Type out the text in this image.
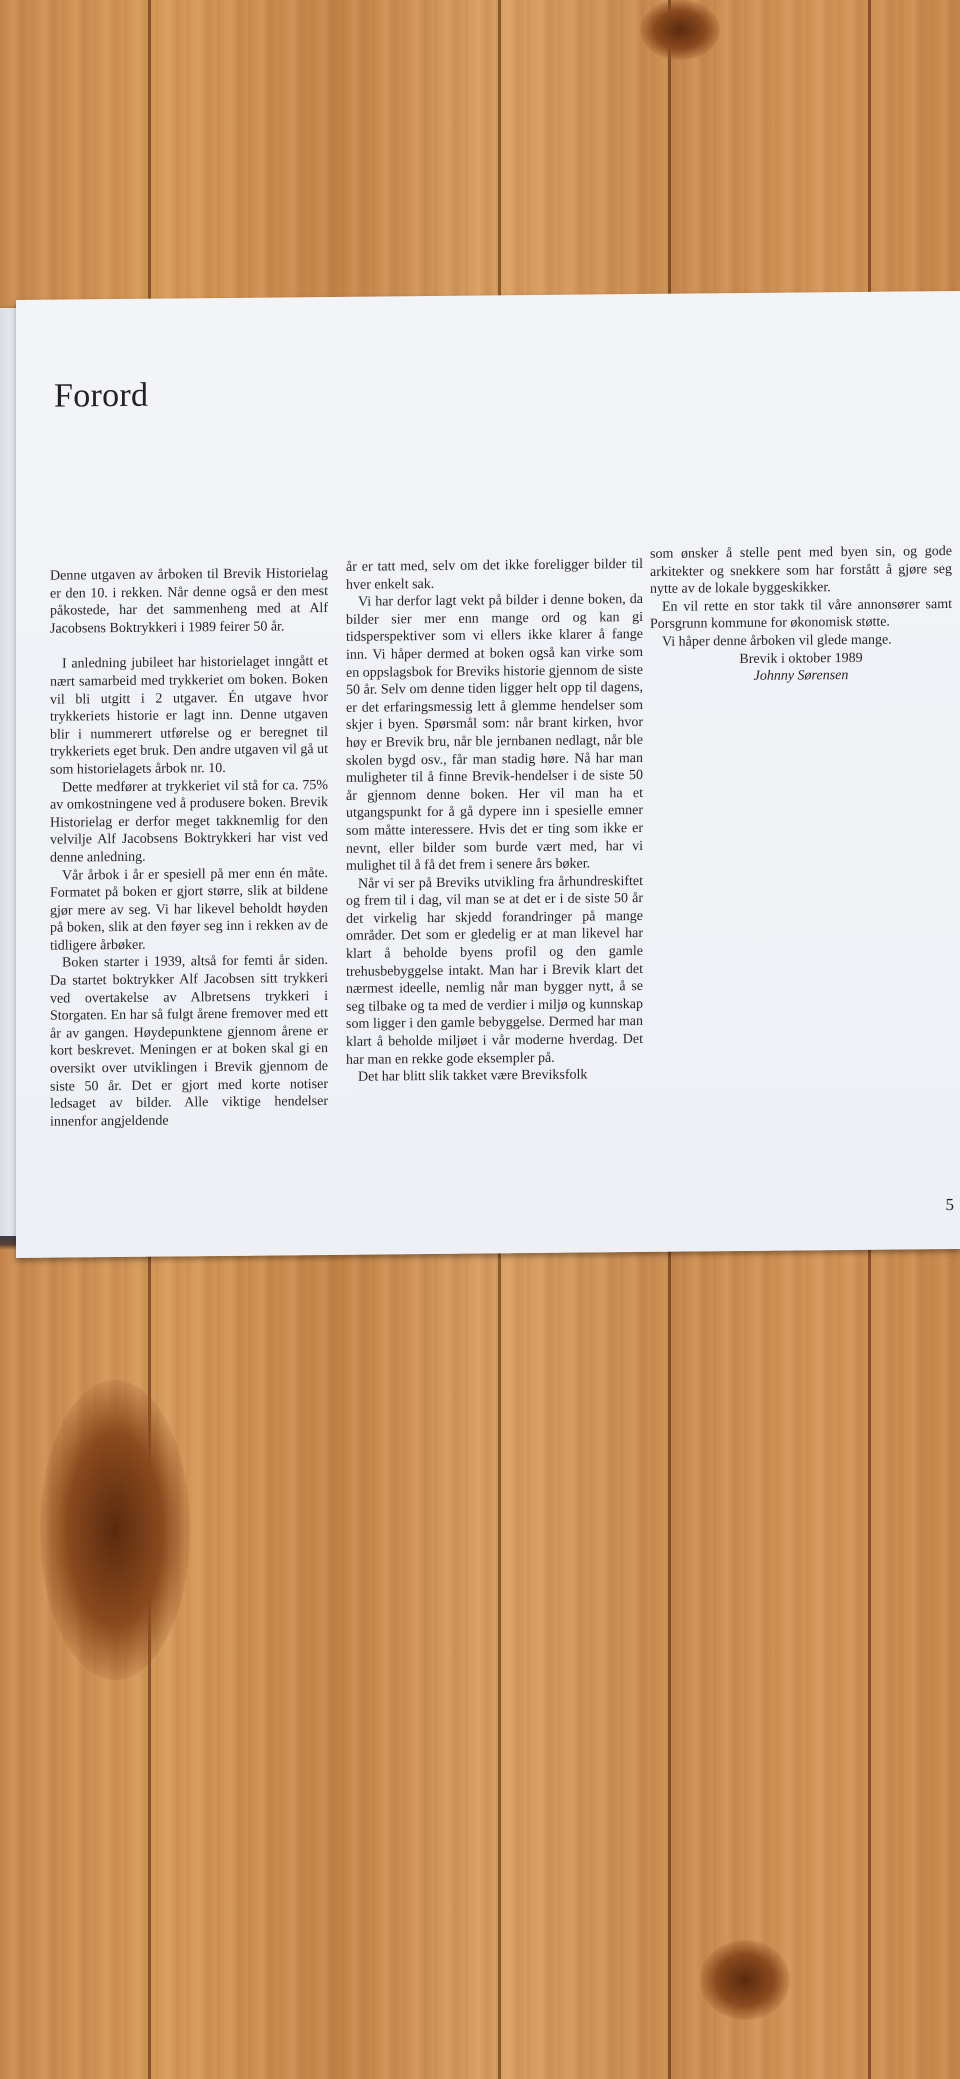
Forord

Denne utgaven av årboken til Brevik Historielag er den 10. i rekken. Når denne også er den mest påkostede, har det sammenheng med at Alf Jacobsens Boktrykkeri i 1989 feirer 50 år.

I anledning jubileet har historielaget inngått et nært samarbeid med trykkeriet om boken. Boken vil bli utgitt i 2 utgaver. Én utgave hvor trykkeriets historie er lagt inn. Denne utgaven blir i nummerert utførelse og er beregnet til trykkeriets eget bruk. Den andre utgaven vil gå ut som historielagets årbok nr. 10.

Dette medfører at trykkeriet vil stå for ca. 75% av omkostningene ved å produsere boken. Brevik Historielag er derfor meget takknemlig for den velvilje Alf Jacobsens Boktrykkeri har vist ved denne anledning.

Vår årbok i år er spesiell på mer enn én måte. Formatet på boken er gjort større, slik at bildene gjør mere av seg. Vi har likevel beholdt høyden på boken, slik at den føyer seg inn i rekken av de tidligere årbøker.

Boken starter i 1939, altså for femti år siden. Da startet boktrykker Alf Jacobsen sitt trykkeri ved overtakelse av Albretsens trykkeri i Storgaten. En har så fulgt årene fremover med ett år av gangen. Høydepunktene gjennom årene er kort beskrevet. Meningen er at boken skal gi en oversikt over utviklingen i Brevik gjennom de siste 50 år. Det er gjort med korte notiser ledsaget av bilder. Alle viktige hendelser innenfor angjeldende

år er tatt med, selv om det ikke foreligger bilder til hver enkelt sak.

Vi har derfor lagt vekt på bilder i denne boken, da bilder sier mer enn mange ord og kan gi tidsperspektiver som vi ellers ikke klarer å fange inn. Vi håper dermed at boken også kan virke som en oppslagsbok for Breviks historie gjennom de siste 50 år. Selv om denne tiden ligger helt opp til dagens, er det erfaringsmessig lett å glemme hendelser som skjer i byen. Spørsmål som: når brant kirken, hvor høy er Brevik bru, når ble jernbanen nedlagt, når ble skolen bygd osv., får man stadig høre. Nå har man muligheter til å finne Brevik-hendelser i de siste 50 år gjennom denne boken. Her vil man ha et utgangspunkt for å gå dypere inn i spesielle emner som måtte interessere. Hvis det er ting som ikke er nevnt, eller bilder som burde vært med, har vi mulighet til å få det frem i senere års bøker.

Når vi ser på Breviks utvikling fra århundreskiftet og frem til i dag, vil man se at det er i de siste 50 år det virkelig har skjedd forandringer på mange områder. Det som er gledelig er at man likevel har klart å beholde byens profil og den gamle trehusbebyggelse intakt. Man har i Brevik klart det nærmest ideelle, nemlig når man bygger nytt, å se seg tilbake og ta med de verdier i miljø og kunnskap som ligger i den gamle bebyggelse. Dermed har man klart å beholde miljøet i vår moderne hverdag. Det har man en rekke gode eksempler på.

Det har blitt slik takket være Breviksfolk

som ønsker å stelle pent med byen sin, og gode arkitekter og snekkere som har forstått å gjøre seg nytte av de lokale byggeskikker.

En vil rette en stor takk til våre annonsører samt Porsgrunn kommune for økonomisk støtte.

Vi håper denne årboken vil glede mange.

Brevik i oktober 1989

Johnny Sørensen

5
